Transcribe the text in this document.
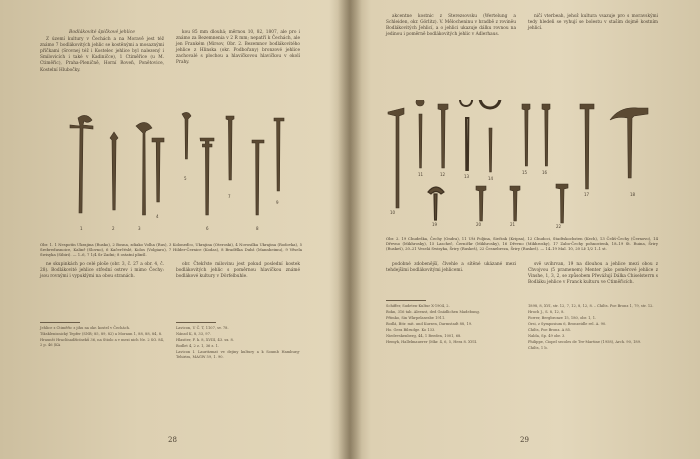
Bodlákovité špičkové jehlice

Z území kultury v Čechách a na Moravě jest též známo 7 bodlákovitých jehlic se kostěnými a mosaznými příčkami (Srovnej též i Kostelec jehlice byl nalezený i Smilovicích i také v Kadiničce), 1 Ctiměřice (u M. Ctiměřic), Praha-Pleničně, Horní Roveň, Ponětovice, Kostelní Hlubočky.

kou 85 mm dlouhá; měrnou 10, 82, 1807, ale pro i známo za Bezemnenia v 2 R mm; nepatří k Čechách, ale jen Frankém (Mirsov, Obr. 2. Bezemnov bodlákovitého jehlice z Hlinska (okr. Podbořany) bronzové jehlice zachovalé s plochou a hlavičkovou hlavičkou v okolí Prahy.

1	2	3
4
5
6
7
8
9
Obr. 1. 1 Nespotín Ukrajina (Rusko), 2 Bosna, zdiako Volha (Rus), 3 Koloneďco, Ukrajina (Oteroski), 4 Novosilka Ukrajina (Rodovka), 5 Srebredusnoice, Kalinř (Slovno), 6 Kačerčéslé, Kolos (Volgiaro), 7 Hilder-Černice (Kodas), 8 Bradělka Duhš (Mannheimu), 9 Věsela Swisyka (Sibiri). — 1–6, 7 1/4 Sr Zadni; 8 ostatní plinšl.

ne skupinkách po celé ploše (obr. 3, č. 27 a obr. 4, č. 28). Bodlákovité jehlice střední ostrev i mimo Čechy: jsou rovnými i vypuklými na obou stranách.

obr. Čtekřste milovinu jest pokud poslední kostek bodlákovitých jehlic s poměrnou hlavičkou známé bodlákové kultury v Dörfelbuhle.

Jehlice z Ctiměřic z jihu na okr. kostel v Čechách.

Tiksklenisnický Tepfer (SNB; 85, 89, 82) a Moraun 1, 88, 88, 84, 8.

Hraunšt Hraclínadžícíneků 36, na Stiolo a v mezi nich Ne. 2 SO. 84, 2 p. 46 (KA

Lavicon, U Č. T, 1107, sv. 78.

Nánsd K, 8, 33, 97.

Hlasiter, F. k. 8, XVIII, 43. sx. 8.

Bodlet 4, 2 z. 1, 36 z. 1.

Lavicon I. Lauritzmat ve dejiny kultury a k Soumb Hamburg-Tehiriss, MAGW 59, 1. 90.

28

akcentne kostnic z Sterezsovsku (Wertelung a Schleiden, okr. Görlitz). V. Mělocheninu v hradbě z roviněu Bodlákovitých Jehlicí, a o jehlici ukazuje dálku rovnou na jedinou i poměrně bodlákovitých jehlic v Adlerhaus.

ničí vterbeah, jehož kultura vsazuje pro s moravskými tedy hledeň se vyhují se bolestu v staším dojmě kostním jehlicí.

10
11	12	13	14
15	16
17	18
19	20	21	22
Obr. 2. 19 Chudeška, Čechy (Ondra), 11 Ušt Poljina, Siečink (Kripsa), 12 Chudoci, Stadtskochsten (Kech), 13 Čeliš-Čechy (Černovo), 14 Dřevno (Mikhrosky), 15 Lascheč, Černičkr (Mikhrosky), 16 Dřevno (Mikhrosky), 17 Zabo-Čechy pohnostenk, 18–19 St. Ruina, Šriry (Ruskeš), 20–21 Veselá Swisyka, Šriry (Ruskeš), 22 Česnebreza, Šriry (Ruskeš). — 14–19 Mal. 10, 20 Lž 1/2 1–1 st.

podobné zdobenější, člvehle a sítěné ukázané mezi tehdejšími bodlákovitými jehlicemi.

svě uvihrvan, 19 na dlouhou a jehlice mezi obou z Chvojvou (5 pramenem) Menter jako poměrové jehlice z Vinshe, 1, 3, 2, se způsobem Převážují Dálka Chiselsterrn s Bodláku jehlice v Franck kulturu ve Ctiměřicích.

Schiffer, Sudeten-Kultur X-1904, 2.

Bokn, 316 tab. Aleenst, ded Gnádlichen Madebung.

Přímko, Sin Wkrpelasesbe 1911.

Bodlá, Bitr. mit. und Kurzen, Darmstadt 88, 19.

Ho. Gera Bilrudge. Ko 133.

Niedevskenberg, 44, 1 Beeden, 1001, 68.

Hemyk, Hallelmauerer (Mkr. 4, 6, 5, Hera 8. XVII.

1898, 8, XVI, str. 12, 7, 12, 8, 12, 8. – Chilts. Poe Bronz 1, 79, str. 12.

Hroch J., S. 8, 12, 8.

Forrer, Bergbronze 15, 180, obr. 1, 1.

Orsi, z Symposium 6, Bronzeidle rel. A. 90.

Chilts, Poe Bronz. A 85.

Nalda, Sp. 49 obr. 3.

Philippe, Ciopel secoles de Tre-Martine (1958), Arch. 90, 189.

Chilts, 1 b.

29
